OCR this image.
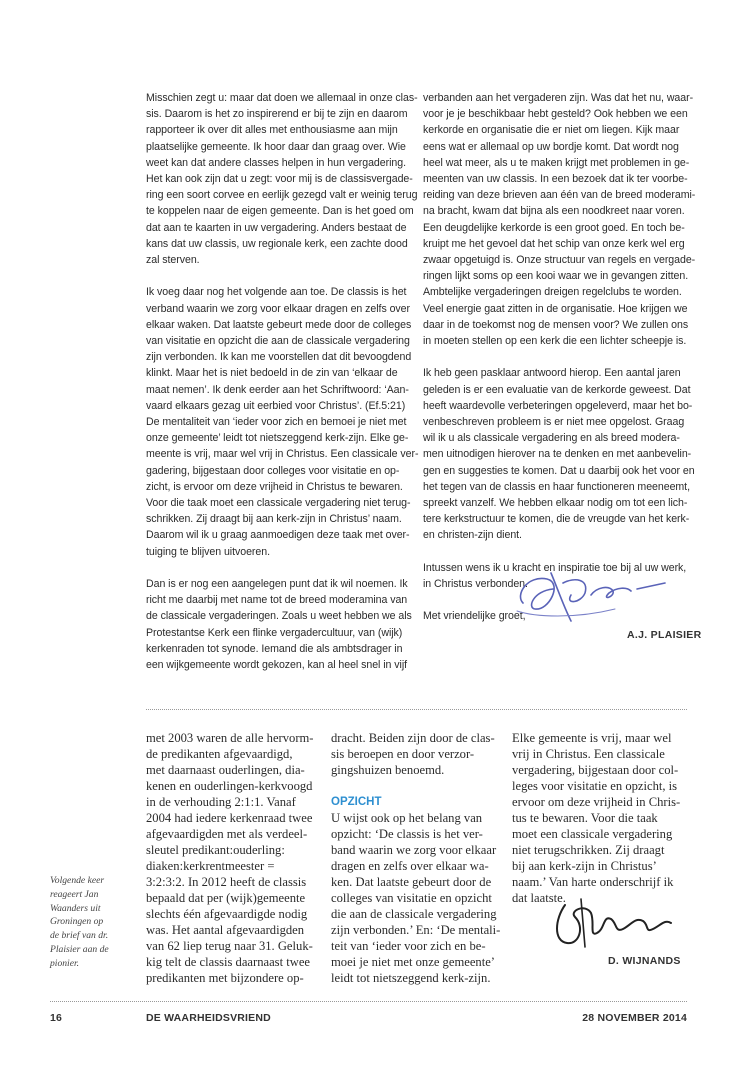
Misschien zegt u: maar dat doen we allemaal in onze clas-
sis. Daarom is het zo inspirerend er bij te zijn en daarom
rapporteer ik over dit alles met enthousiasme aan mijn
plaatselijke gemeente. Ik hoor daar dan graag over. Wie
weet kan dat andere classes helpen in hun vergadering.
Het kan ook zijn dat u zegt: voor mij is de classisvergade-
ring een soort corvee en eerlijk gezegd valt er weinig terug
te koppelen naar de eigen gemeente. Dan is het goed om
dat aan te kaarten in uw vergadering. Anders bestaat de
kans dat uw classis, uw regionale kerk, een zachte dood
zal sterven.
Ik voeg daar nog het volgende aan toe. De classis is het
verband waarin we zorg voor elkaar dragen en zelfs over
elkaar waken. Dat laatste gebeurt mede door de colleges
van visitatie en opzicht die aan de classicale vergadering
zijn verbonden. Ik kan me voorstellen dat dit bevoogdend
klinkt. Maar het is niet bedoeld in de zin van ‘elkaar de
maat nemen’. Ik denk eerder aan het Schriftwoord: ‘Aan-
vaard elkaars gezag uit eerbied voor Christus’. (Ef.5:21)
De mentaliteit van ‘ieder voor zich en bemoei je niet met
onze gemeente’ leidt tot nietszeggend kerk-zijn. Elke ge-
meente is vrij, maar wel vrij in Christus. Een classicale ver-
gadering, bijgestaan door colleges voor visitatie en op-
zicht, is ervoor om deze vrijheid in Christus te bewaren.
Voor die taak moet een classicale vergadering niet terug-
schrikken. Zij draagt bij aan kerk-zijn in Christus’ naam.
Daarom wil ik u graag aanmoedigen deze taak met over-
tuiging te blijven uitvoeren.
Dan is er nog een aangelegen punt dat ik wil noemen. Ik
richt me daarbij met name tot de breed moderamina van
de classicale vergaderingen. Zoals u weet hebben we als
Protestantse Kerk een flinke vergadercultuur, van (wijk)
kerkenraden tot synode. Iemand die als ambtsdrager in
een wijkgemeente wordt gekozen, kan al heel snel in vijf
verbanden aan het vergaderen zijn. Was dat het nu, waar-
voor je je beschikbaar hebt gesteld? Ook hebben we een
kerkorde en organisatie die er niet om liegen. Kijk maar
eens wat er allemaal op uw bordje komt. Dat wordt nog
heel wat meer, als u te maken krijgt met problemen in ge-
meenten van uw classis. In een bezoek dat ik ter voorbe-
reiding van deze brieven aan één van de breed moderami-
na bracht, kwam dat bijna als een noodkreet naar voren.
Een deugdelijke kerkorde is een groot goed. En toch be-
kruipt me het gevoel dat het schip van onze kerk wel erg
zwaar opgetuigd is. Onze structuur van regels en vergade-
ringen lijkt soms op een kooi waar we in gevangen zitten.
Ambtelijke vergaderingen dreigen regelclubs te worden.
Veel energie gaat zitten in de organisatie. Hoe krijgen we
daar in de toekomst nog de mensen voor? We zullen ons
in moeten stellen op een kerk die een lichter scheepje is.
Ik heb geen pasklaar antwoord hierop. Een aantal jaren
geleden is er een evaluatie van de kerkorde geweest. Dat
heeft waardevolle verbeteringen opgeleverd, maar het bo-
venbeschreven probleem is er niet mee opgelost. Graag
wil ik u als classicale vergadering en als breed modera-
men uitnodigen hierover na te denken en met aanbevelin-
gen en suggesties te komen. Dat u daarbij ook het voor en
het tegen van de classis en haar functioneren meeneemt,
spreekt vanzelf. We hebben elkaar nodig om tot een lich-
tere kerkstructuur te komen, die de vreugde van het kerk-
en christen-zijn dient.
Intussen wens ik u kracht en inspiratie toe bij al uw werk,
in Christus verbonden.
Met vriendelijke groet,
A.J. PLAISIER
met 2003 waren de alle hervorm-
de predikanten afgevaardigd,
met daarnaast ouderlingen, dia-
kenen en ouderlingen-kerkvoogd
in de verhouding 2:1:1. Vanaf
2004 had iedere kerkenraad twee
afgevaardigden met als verdeel-
sleutel predikant:ouderling:
diaken:kerkrentmeester =
3:2:3:2. In 2012 heeft de classis
bepaald dat per (wijk)gemeente
slechts één afgevaardigde nodig
was. Het aantal afgevaardigden
van 62 liep terug naar 31. Geluk-
kig telt de classis daarnaast twee
predikanten met bijzondere op-
dracht. Beiden zijn door de clas-
sis beroepen en door verzor-
gingshuizen benoemd.
OPZICHT
U wijst ook op het belang van
opzicht: ‘De classis is het ver-
band waarin we zorg voor elkaar
dragen en zelfs over elkaar wa-
ken. Dat laatste gebeurt door de
colleges van visitatie en opzicht
die aan de classicale vergadering
zijn verbonden.’ En: ‘De mentali-
teit van ‘ieder voor zich en be-
moei je niet met onze gemeente’
leidt tot nietszeggend kerk-zijn.
Elke gemeente is vrij, maar wel
vrij in Christus. Een classicale
vergadering, bijgestaan door col-
leges voor visitatie en opzicht, is
ervoor om deze vrijheid in Chris-
tus te bewaren. Voor die taak
moet een classicale vergadering
niet terugschrikken. Zij draagt
bij aan kerk-zijn in Christus’
naam.’ Van harte onderschrijf ik
dat laatste.
D. WIJNANDS
Volgende keer
reageert Jan
Waanders uit
Groningen op
de brief van dr.
Plaisier aan de
pionier.
16	DE WAARHEIDSVRIEND	28 NOVEMBER 2014
